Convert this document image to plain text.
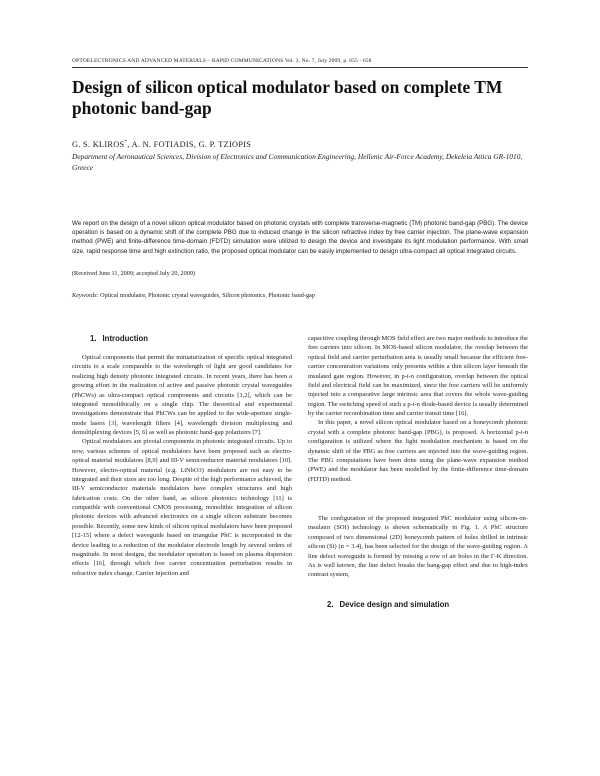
OPTOELECTRONICS AND ADVANCED MATERIALS – RAPID COMMUNICATIONS Vol. 3, No. 7, July 2009, p. 655 - 658
Design of silicon optical modulator based on complete TM photonic band-gap
G. S. KLIROS*, A. N. FOTIADIS, G. P. TZIOPIS
Department of Aeronautical Sciences, Division of Electronics and Communication Engineering, Hellenic Air-Force Academy, Dekeleia Attica GR-1010, Greece

We report on the design of a novel silicon optical modulator based on photonic crystals with complete transverse-magnetic (TM) photonic band-gap (PBG). The device operation is based on a dynamic shift of the complete PBG due to induced change in the silicon refractive index by free carrier injection. The plane-wave expansion method (PWE) and finite-difference time-domain (FDTD) simulation were utilized to design the device and investigate its light modulation performance. With small size, rapid response time and high extinction ratio, the proposed optical modulator can be easily implemented to design ultra-compact all optical integrated circuits.

(Received June 11, 2009; accepted July 20, 2009)
Keywords: Optical modulator, Photonic crystal waveguides, Silicon photonics, Photonic band-gap
1. Introduction

Optical components that permit the miniaturization of specific optical integrated circuits to a scale comparable to the wavelength of light are good candidates for realizing high density photonic integrated circuits. In recent years, there has been a growing effort in the realization of active and passive photonic crystal waveguides (PhCWs) as ultra-compact optical components and circuits [1,2], which can be integrated monolithically on a single chip. The theoretical and experimental investigations demonstrate that PhCWs can be applied to the wide-aperture single-mode lasers [3], wavelength filters [4], wavelength division multiplexing and demultiplexing devices [5, 6] as well as photonic band-gap polarizers [7].

Optical modulators are pivotal components in photonic integrated circuits. Up to now, various schemes of optical modulators have been proposed such as electro-optical material modulators [8,9] and III-V semiconductor material modulators [10]. However, electro-optical material (e.g. LiNbO3) modulators are not easy to be integrated and their sizes are too long. Despite of the high performance achieved, the III-V semiconductor materials modulators have complex structures and high fabrication costs. On the other hand, as silicon photonics technology [11] is compatible with conventional CMOS processing, monolithic integration of silicon photonic devices with advanced electronics on a single silicon substrate becomes possible. Recently, some new kinds of silicon optical modulators have been proposed [12-15] where a defect waveguide based on triangular PhC is incorporated in the device leading to a reduction of the modulator electrode length by several orders of magnitude. In most designs, the modulator operation is based on plasma dispersion effects [16], through which free carrier concentration perturbation results in refractive index change. Carrier injection and

capacitive coupling through MOS field effect are two major methods to introduce the free carriers into silicon. In MOS-based silicon modulator, the overlap between the optical field and carrier perturbation area is usually small because the efficient free-carrier concentration variations only presents within a thin silicon layer beneath the insulated gate region. However, in p-i-n configuration, overlap between the optical field and electrical field can be maximized, since the free carriers will be uniformly injected into a comparative large intrinsic area that covers the whole wave-guiding region. The switching speed of such a p-i-n diode-based device is usually determined by the carrier recombination time and carrier transit time [16].

In this paper, a novel silicon optical modulator based on a honeycomb photonic crystal with a complete photonic band-gap (PBG), is proposed. A horizontal p-i-n configuration is utilized where the light modulation mechanism is based on the dynamic shift of the PBG as free carriers are injected into the wave-guiding region. The PBG computations have been done using the plane-wave expansion method (PWE) and the modulator has been modelled by the finite-difference time-domain (FDTD) method.

The configuration of the proposed integrated PhC modulator using silicon-on-insulator (SOI) technology is shown schematically in Fig. 1. A PhC structure composed of two dimensional (2D) honeycomb pattern of holes drilled in intrinsic silicon (Si) (n = 3.4), has been selected for the design of the wave-guiding region. A line defect waveguide is formed by missing a row of air holes in the Γ-K direction. As is well known, the line defect breaks the bang-gap effect and due to high-index contrast system,

2. Device design and simulation
